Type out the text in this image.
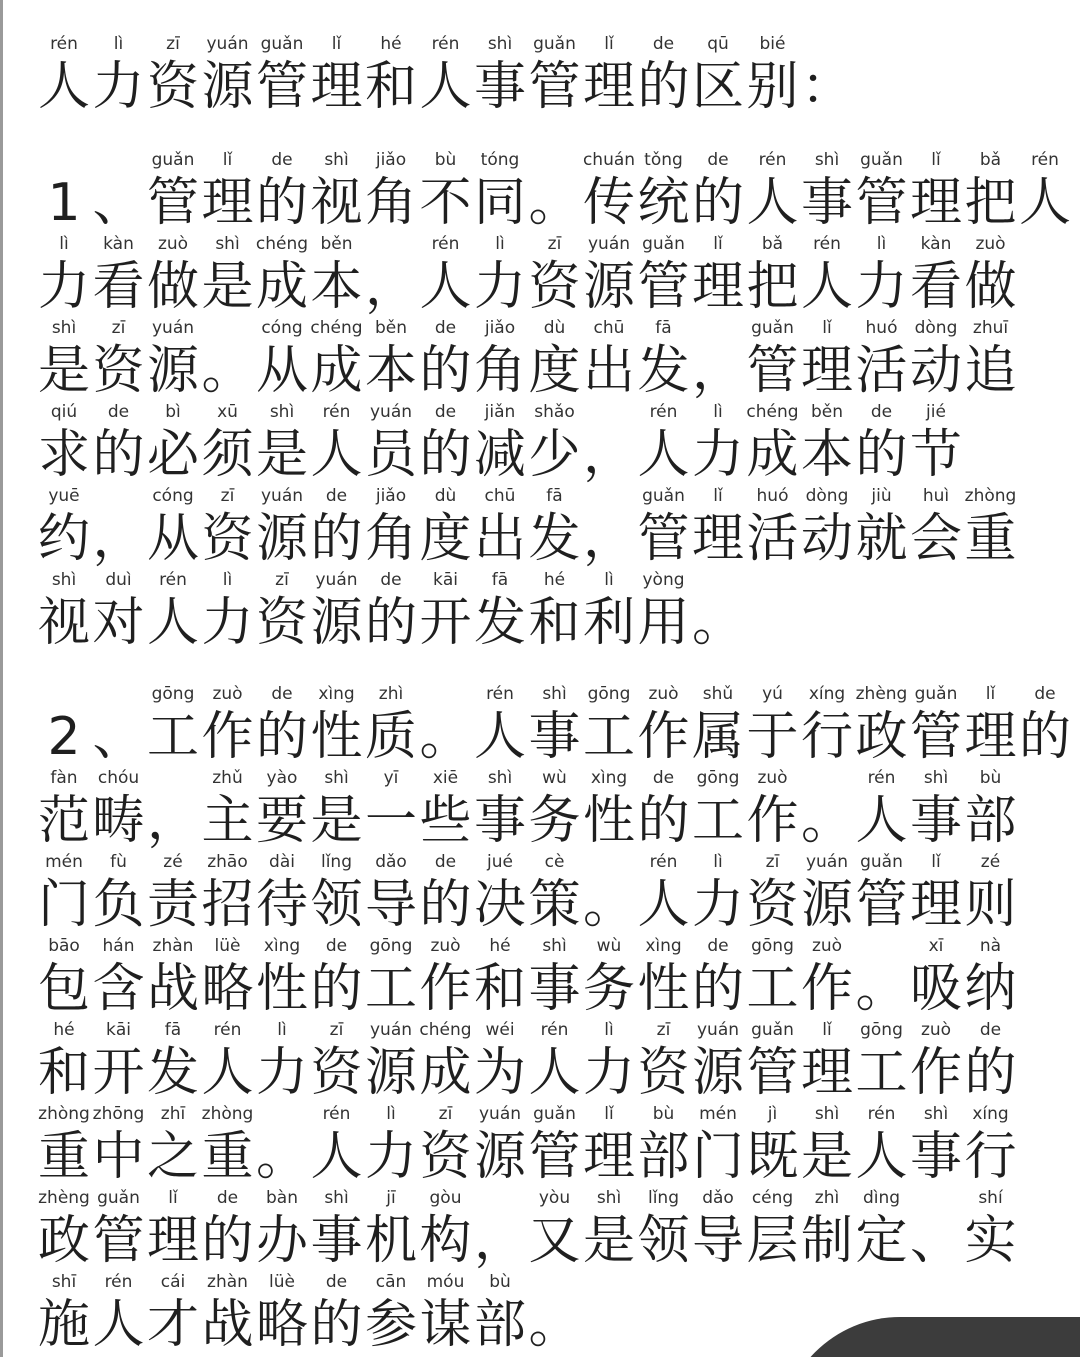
rén
人
lì
力
zī
资
yuán
源
guǎn
管
lǐ
理
hé
和
rén
人
shì
事
guǎn
管
lǐ
理
de
的
qū
区
bié
别 ：
1 、
guǎn
管
lǐ
理
de
的
shì
视
jiǎo
角
bù
不
tóng
同 。
chuán
传
tǒng
统
de
的
rén
人
shì
事
guǎn
管
lǐ
理
bǎ
把
rén
人
lì
力
kàn
看
zuò
做
shì
是
chéng
成
běn
本 ，
rén
人
lì
力
zī
资
yuán
源
guǎn
管
lǐ
理
bǎ
把
rén
人
lì
力
kàn
看
zuò
做
shì
是
zī
资
yuán
源 。
cóng
从
chéng
成
běn
本
de
的
jiǎo
角
dù
度
chū
出
fā
发 ，
guǎn
管
lǐ
理
huó
活
dòng
动
zhuī
追
qiú
求
de
的
bì
必
xū
须
shì
是
rén
人
yuán
员
de
的
jiǎn
减
shǎo
少 ，
rén
人
lì
力
chéng
成
běn
本
de
的
jié
节
yuē
约 ，
cóng
从
zī
资
yuán
源
de
的
jiǎo
角
dù
度
chū
出
fā
发 ，
guǎn
管
lǐ
理
huó
活
dòng
动
jiù
就
huì
会
zhòng
重
shì
视
duì
对
rén
人
lì
力
zī
资
yuán
源
de
的
kāi
开
fā
发
hé
和
lì
利
yòng
用 。
2 、
gōng
工
zuò
作
de
的
xìng
性
zhì
质 。
rén
人
shì
事
gōng
工
zuò
作
shǔ
属
yú
于
xíng
行
zhèng
政
guǎn
管
lǐ
理
de
的
fàn
范
chóu
畴 ，
zhǔ
主
yào
要
shì
是
yī
一
xiē
些
shì
事
wù
务
xìng
性
de
的
gōng
工
zuò
作 。
rén
人
shì
事
bù
部
mén
门
fù
负
zé
责
zhāo
招
dài
待
lǐng
领
dǎo
导
de
的
jué
决
cè
策 。
rén
人
lì
力
zī
资
yuán
源
guǎn
管
lǐ
理
zé
则
bāo
包
hán
含
zhàn
战
lüè
略
xìng
性
de
的
gōng
工
zuò
作
hé
和
shì
事
wù
务
xìng
性
de
的
gōng
工
zuò
作 。
xī
吸
nà
纳
hé
和
kāi
开
fā
发
rén
人
lì
力
zī
资
yuán
源
chéng
成
wéi
为
rén
人
lì
力
zī
资
yuán
源
guǎn
管
lǐ
理
gōng
工
zuò
作
de
的
zhòng
重
zhōng
中
zhī
之
zhòng
重 。
rén
人
lì
力
zī
资
yuán
源
guǎn
管
lǐ
理
bù
部
mén
门
jì
既
shì
是
rén
人
shì
事
xíng
行
zhèng
政
guǎn
管
lǐ
理
de
的
bàn
办
shì
事
jī
机
gòu
构 ，
yòu
又
shì
是
lǐng
领
dǎo
导
céng
层
zhì
制
dìng
定 、
shí
实
shī
施
rén
人
cái
才
zhàn
战
lüè
略
de
的
cān
参
móu
谋
bù
部 。
